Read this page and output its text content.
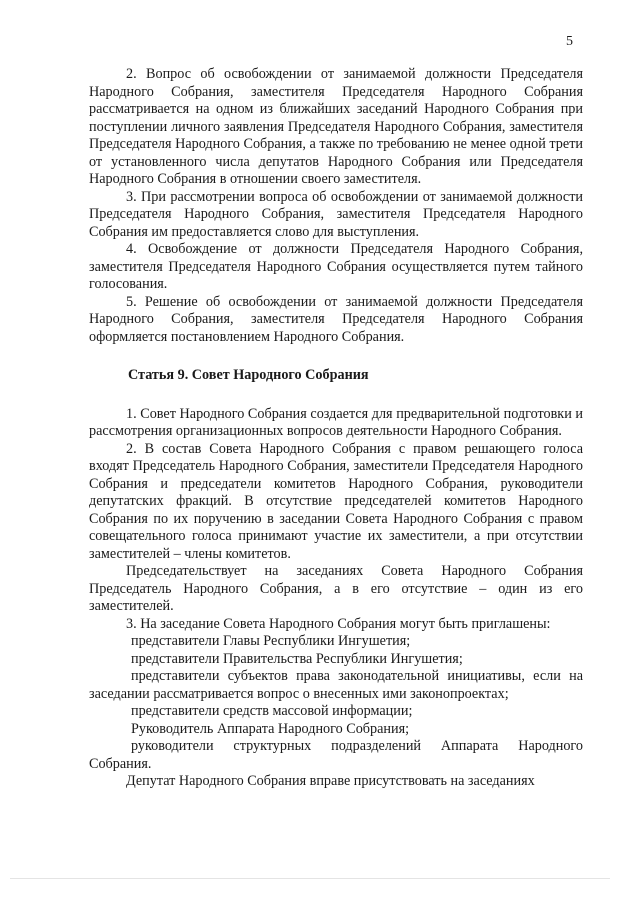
5

2. Вопрос об освобождении от занимаемой должности Председателя Народного Собрания, заместителя Председателя Народного Собрания рассматривается на одном из ближайших заседаний Народного Собрания при поступлении личного заявления Председателя Народного Собрания, заместителя Председателя Народного Собрания, а также по требованию не менее одной трети от установленного числа депутатов Народного Собрания или Председателя Народного Собрания в отношении своего заместителя.

3. При рассмотрении вопроса об освобождении от занимаемой должности Председателя Народного Собрания, заместителя Председателя Народного Собрания им предоставляется слово для выступления.

4. Освобождение от должности Председателя Народного Собрания, заместителя Председателя Народного Собрания осуществляется путем тайного голосования.

5. Решение об освобождении от занимаемой должности Председателя Народного Собрания, заместителя Председателя Народного Собрания оформляется постановлением Народного Собрания.

Статья 9. Совет Народного Собрания

1. Совет Народного Собрания создается для предварительной подготовки и рассмотрения организационных вопросов деятельности Народного Собрания.

2. В состав Совета Народного Собрания с правом решающего голоса входят Председатель Народного Собрания, заместители Председателя Народного Собрания и председатели комитетов Народного Собрания, руководители депутатских фракций. В отсутствие председателей комитетов Народного Собрания по их поручению в заседании Совета Народного Собрания с правом совещательного голоса принимают участие их заместители, а при отсутствии заместителей – члены комитетов.

Председательствует на заседаниях Совета Народного Собрания Председатель Народного Собрания, а в его отсутствие – один из его заместителей.

3. На заседание Совета Народного Собрания могут быть приглашены:

представители Главы Республики Ингушетия;

представители Правительства Республики Ингушетия;

представители субъектов права законодательной инициативы, если на заседании рассматривается вопрос о внесенных ими законопроектах;

представители средств массовой информации;

Руководитель Аппарата Народного Собрания;

руководители структурных подразделений Аппарата Народного Собрания.

Депутат Народного Собрания вправе присутствовать на заседаниях
